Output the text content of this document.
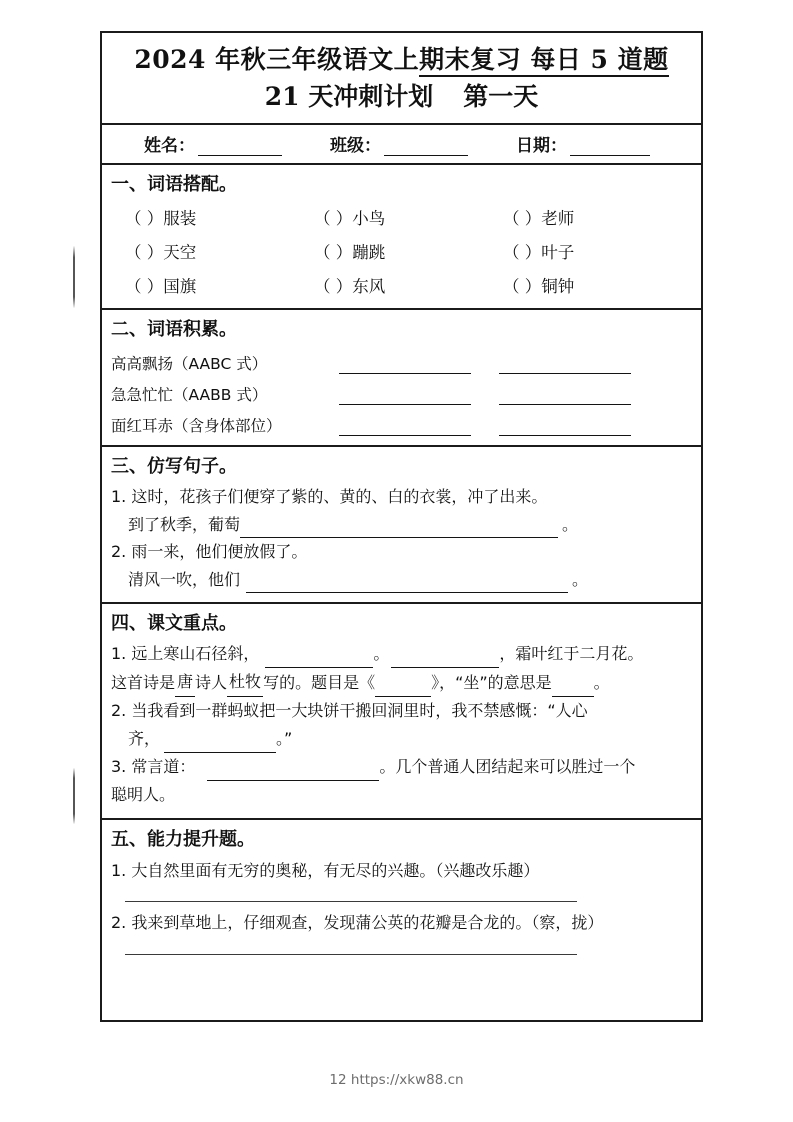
2024 年秋三年级语文上期末复习 每日 5 道题
21 天冲刺计划 第一天
姓名：	班级：	日期：
一、词语搭配。
（ ）服装	（ ）小鸟	（ ）老师
（ ）天空	（ ）蹦跳	（ ）叶子
（ ）国旗	（ ）东风	（ ）铜钟
二、词语积累。
高高飘扬（AABC 式）
急急忙忙（AABB 式）
面红耳赤（含身体部位）
三、仿写句子。
1. 这时，花孩子们便穿了紫的、黄的、白的衣裳，冲了出来。
到了秋季，葡萄	。
2. 雨一来，他们便放假了。
清风一吹，他们	。
四、课文重点。
1. 远上寒山石径斜，	。	，霜叶红于二月花。
这首诗是 唐 诗人 杜牧 写的。题目是《	》，“坐”的意思是	。
2. 当我看到一群蚂蚁把一大块饼干搬回洞里时，我不禁感慨：“人心
齐，	。”
3. 常言道：	。几个普通人团结起来可以胜过一个
聪明人。
五、能力提升题。
1. 大自然里面有无穷的奥秘，有无尽的兴趣。（兴趣改乐趣）
2. 我来到草地上，仔细观查，发现蒲公英的花瓣是合龙的。（察，拢）
12 https://xkw88.cn
